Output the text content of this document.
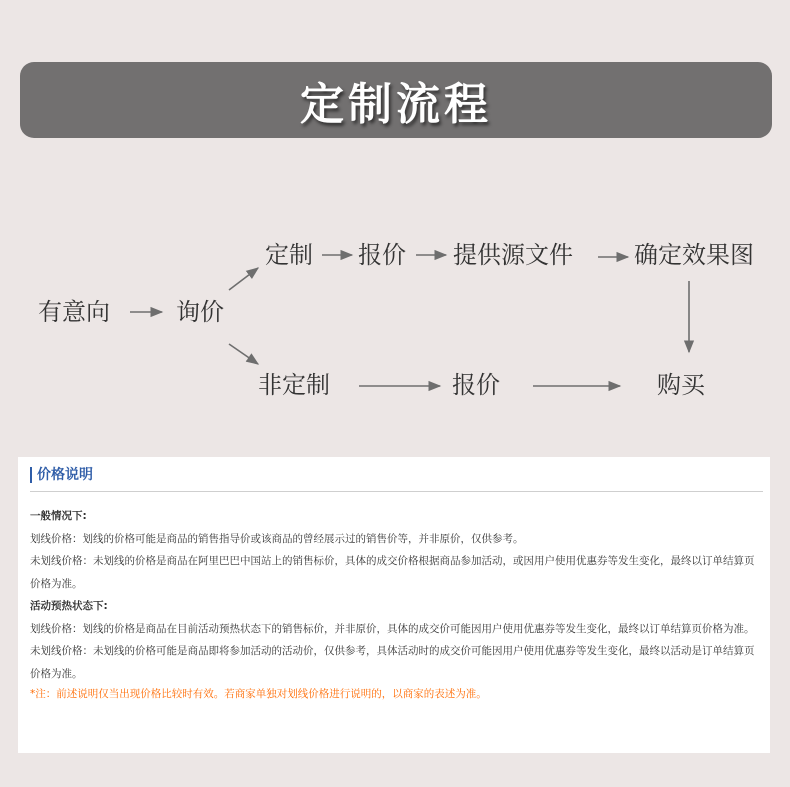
定制流程
有意向	询价
定制 报价 提供源文件	确定效果图
非定制	报价	购买
价格说明

一般情况下:

划线价格：划线的价格可能是商品的销售指导价或该商品的曾经展示过的销售价等，并非原价，仅供参考。

未划线价格：未划线的价格是商品在阿里巴巴中国站上的销售标价，具体的成交价格根据商品参加活动，或因用户使用优惠券等发生变化，最终以订单结算页价格为准。

活动预热状态下:

划线价格：划线的价格是商品在目前活动预热状态下的销售标价，并非原价，具体的成交价可能因用户使用优惠券等发生变化，最终以订单结算页价格为准。

未划线价格：未划线的价格可能是商品即将参加活动的活动价，仅供参考，具体活动时的成交价可能因用户使用优惠券等发生变化，最终以活动是订单结算页价格为准。

*注：前述说明仅当出现价格比较时有效。若商家单独对划线价格进行说明的，以商家的表述为准。
